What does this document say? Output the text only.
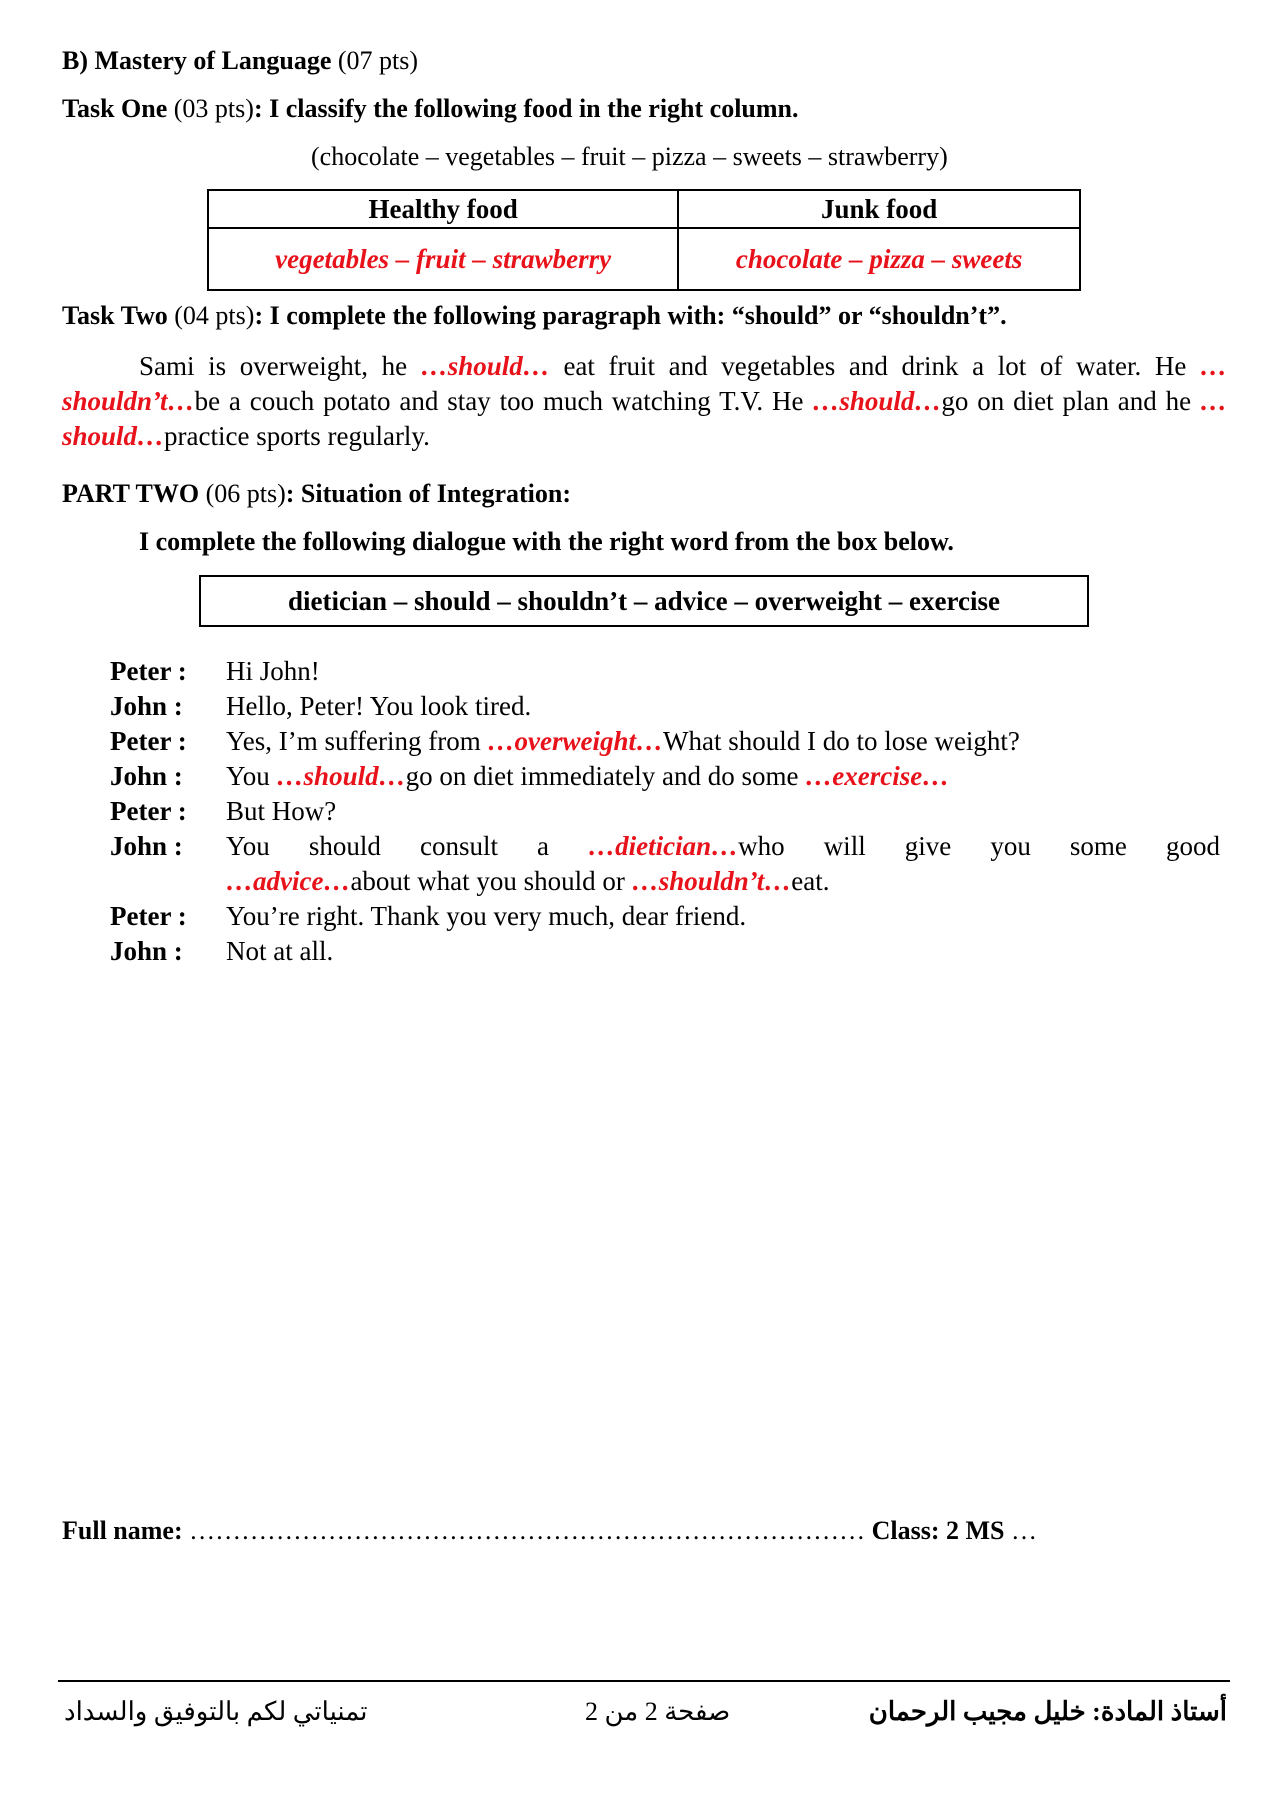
B) Mastery of Language (07 pts)
Task One (03 pts): I classify the following food in the right column.
(chocolate – vegetables – fruit – pizza – sweets – strawberry)
Healthy food	Junk food
vegetables – fruit – strawberry	chocolate – pizza – sweets
Task Two (04 pts): I complete the following paragraph with: “should” or “shouldn’t”.
Sami is overweight, he …should… eat fruit and vegetables and drink a lot of water. He …shouldn’t…be a couch potato and stay too much watching T.V. He …should…go on diet plan and he …should…practice sports regularly.
PART TWO (06 pts): Situation of Integration:
I complete the following dialogue with the right word from the box below.
dietician – should – shouldn’t – advice – overweight – exercise
Peter :	Hi John!
John :	Hello, Peter! You look tired.
Peter :	Yes, I’m suffering from …overweight…What should I do to lose weight?
John :	You …should…go on diet immediately and do some …exercise…
Peter :	But How?
John :	You should consult a …dietician…who will give you some good
…advice…about what you should or …shouldn’t…eat.
Peter :	You’re right. Thank you very much, dear friend.
John :	Not at all.
Full name: …………………………………………………………………… Class: 2 MS …
أستاذ المادة: خليل مجيب الرحمان
صفحة 2 من 2
تمنياتي لكم بالتوفيق والسداد
